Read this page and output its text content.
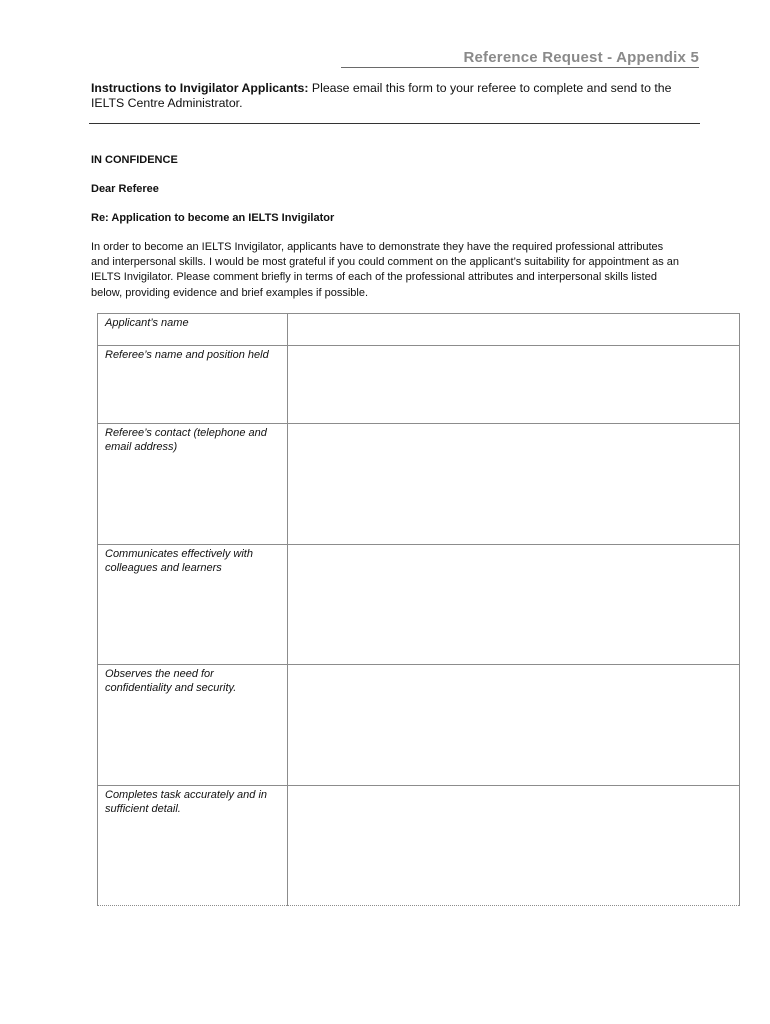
Reference Request - Appendix 5
Instructions to Invigilator Applicants: Please email this form to your referee to complete and send to the IELTS Centre Administrator.
IN CONFIDENCE
Dear Referee
Re: Application to become an IELTS Invigilator
In order to become an IELTS Invigilator, applicants have to demonstrate they have the required professional attributes and interpersonal skills. I would be most grateful if you could comment on the applicant’s suitability for appointment as an IELTS Invigilator. Please comment briefly in terms of each of the professional attributes and interpersonal skills listed below, providing evidence and brief examples if possible.
Applicant’s name	
Referee’s name and position held	
Referee’s contact (telephone and email address)	
Communicates effectively with colleagues and learners	
Observes the need for confidentiality and security.	
Completes task accurately and in sufficient detail.	
